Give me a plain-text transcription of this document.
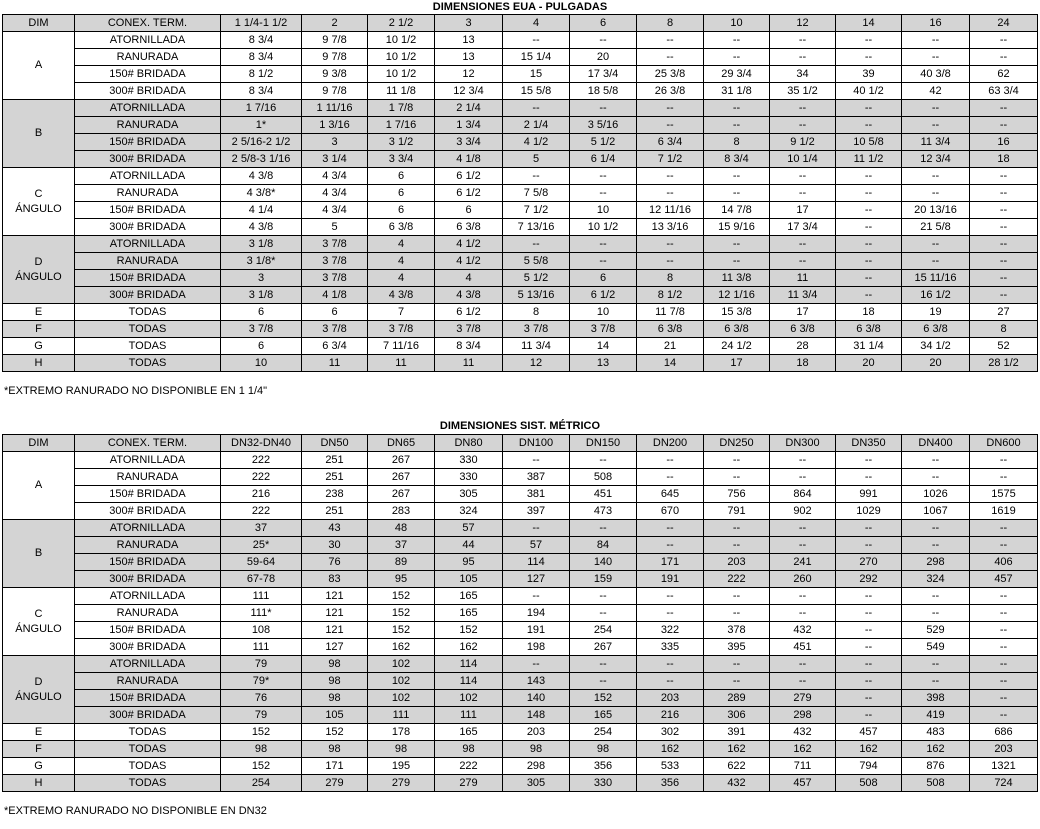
DIMENSIONES EUA - PULGADAS
DIM	CONEX. TERM.	1 1/4-1 1/2	2	2 1/2	3	4	6	8	10	12	14	16	24

A	ATORNILLADA	8 3/4	9 7/8	10 1/2	13	--	--	--	--	--	--	--	--
	RANURADA	8 3/4	9 7/8	10 1/2	13	15 1/4	20	--	--	--	--	--	--
	150# BRIDADA	8 1/2	9 3/8	10 1/2	12	15	17 3/4	25 3/8	29 3/4	34	39	40 3/8	62
	300# BRIDADA	8 3/4	9 7/8	11 1/8	12 3/4	15 5/8	18 5/8	26 3/8	31 1/8	35 1/2	40 1/2	42	63 3/4

B	ATORNILLADA	1 7/16	1 11/16	1 7/8	2 1/4	--	--	--	--	--	--	--	--
	RANURADA	1*	1 3/16	1 7/16	1 3/4	2 1/4	3 5/16	--	--	--	--	--	--
	150# BRIDADA	2 5/16-2 1/2	3	3 1/2	3 3/4	4 1/2	5 1/2	6 3/4	8	9 1/2	10 5/8	11 3/4	16
	300# BRIDADA	2 5/8-3 1/16	3 1/4	3 3/4	4 1/8	5	6 1/4	7 1/2	8 3/4	10 1/4	11 1/2	12 3/4	18

C
ÁNGULO	ATORNILLADA	4 3/8	4 3/4	6	6 1/2	--	--	--	--	--	--	--	--
	RANURADA	4 3/8*	4 3/4	6	6 1/2	7 5/8	--	--	--	--	--	--	--
	150# BRIDADA	4 1/4	4 3/4	6	6	7 1/2	10	12 11/16	14 7/8	17	--	20 13/16	--
	300# BRIDADA	4 3/8	5	6 3/8	6 3/8	7 13/16	10 1/2	13 3/16	15 9/16	17 3/4	--	21 5/8	--

D
ÁNGULO	ATORNILLADA	3 1/8	3 7/8	4	4 1/2	--	--	--	--	--	--	--	--
	RANURADA	3 1/8*	3 7/8	4	4 1/2	5 5/8	--	--	--	--	--	--	--
	150# BRIDADA	3	3 7/8	4	4	5 1/2	6	8	11 3/8	11	--	15 11/16	--
	300# BRIDADA	3 1/8	4 1/8	4 3/8	4 3/8	5 13/16	6 1/2	8 1/2	12 1/16	11 3/4	--	16 1/2	--

E	TODAS	6	6	7	6 1/2	8	10	11 7/8	15 3/8	17	18	19	27

F	TODAS	3 7/8	3 7/8	3 7/8	3 7/8	3 7/8	3 7/8	6 3/8	6 3/8	6 3/8	6 3/8	6 3/8	8

G	TODAS	6	6 3/4	7 11/16	8 3/4	11 3/4	14	21	24 1/2	28	31 1/4	34 1/2	52

H	TODAS	10	11	11	11	12	13	14	17	18	20	20	28 1/2
*EXTREMO RANURADO NO DISPONIBLE EN 1 1/4"
DIMENSIONES SIST. MÉTRICO
DIM	CONEX. TERM.	DN32-DN40	DN50	DN65	DN80	DN100	DN150	DN200	DN250	DN300	DN350	DN400	DN600

A	ATORNILLADA	222	251	267	330	--	--	--	--	--	--	--	--
	RANURADA	222	251	267	330	387	508	--	--	--	--	--	--
	150# BRIDADA	216	238	267	305	381	451	645	756	864	991	1026	1575
	300# BRIDADA	222	251	283	324	397	473	670	791	902	1029	1067	1619

B	ATORNILLADA	37	43	48	57	--	--	--	--	--	--	--	--
	RANURADA	25*	30	37	44	57	84	--	--	--	--	--	--
	150# BRIDADA	59-64	76	89	95	114	140	171	203	241	270	298	406
	300# BRIDADA	67-78	83	95	105	127	159	191	222	260	292	324	457

C
ÁNGULO	ATORNILLADA	111	121	152	165	--	--	--	--	--	--	--	--
	RANURADA	111*	121	152	165	194	--	--	--	--	--	--	--
	150# BRIDADA	108	121	152	152	191	254	322	378	432	--	529	--
	300# BRIDADA	111	127	162	162	198	267	335	395	451	--	549	--

D
ÁNGULO	ATORNILLADA	79	98	102	114	--	--	--	--	--	--	--	--
	RANURADA	79*	98	102	114	143	--	--	--	--	--	--	--
	150# BRIDADA	76	98	102	102	140	152	203	289	279	--	398	--
	300# BRIDADA	79	105	111	111	148	165	216	306	298	--	419	--

E	TODAS	152	152	178	165	203	254	302	391	432	457	483	686

F	TODAS	98	98	98	98	98	98	162	162	162	162	162	203

G	TODAS	152	171	195	222	298	356	533	622	711	794	876	1321

H	TODAS	254	279	279	279	305	330	356	432	457	508	508	724
*EXTREMO RANURADO NO DISPONIBLE EN DN32
